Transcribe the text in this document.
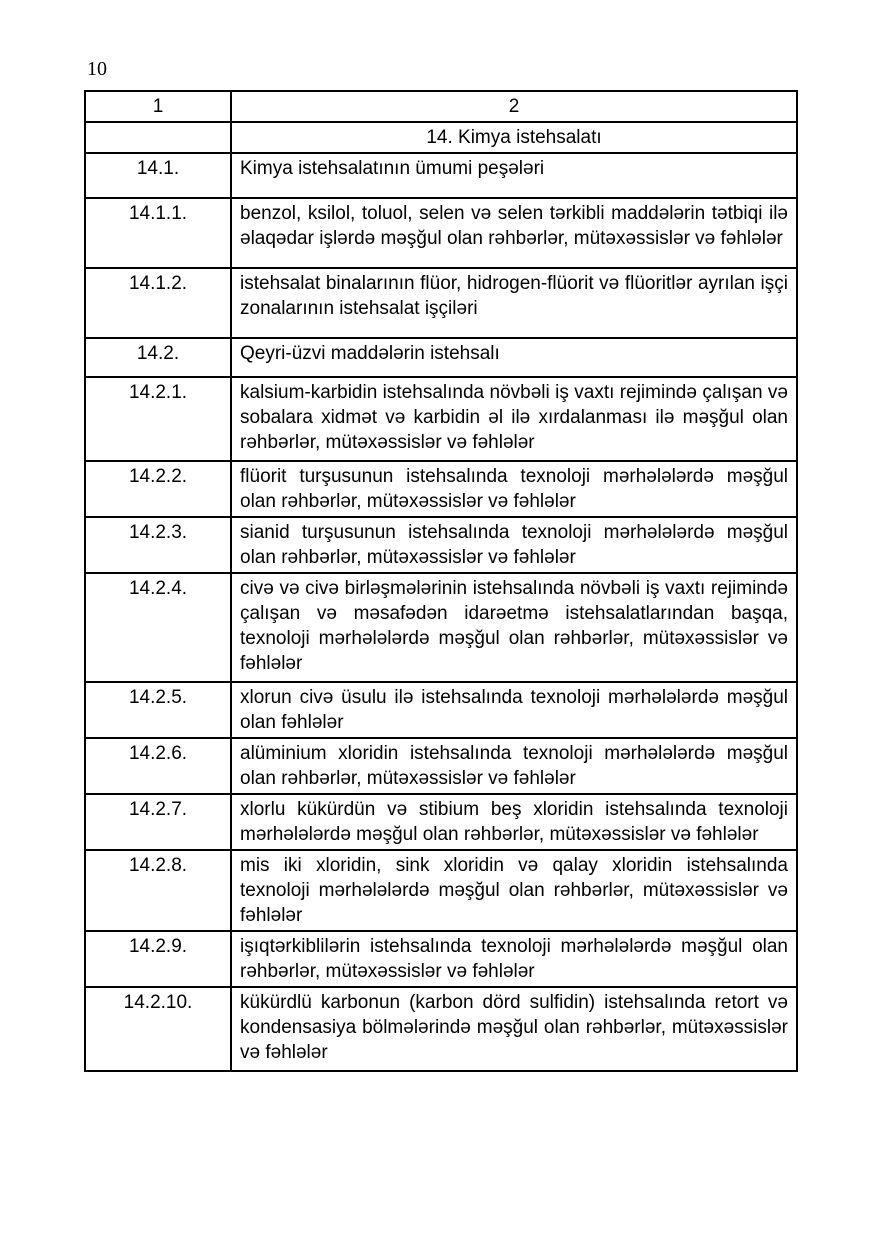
10
1	2
	14. Kimya istehsalatı
14.1.	Kimya istehsalatının ümumi peşələri
14.1.1.	benzol, ksilol, toluol, selen və selen tərkibli maddələrin tətbiqi ilə əlaqədar işlərdə məşğul olan rəhbərlər, mütəxəssislər və fəhlələr
14.1.2.	istehsalat binalarının flüor, hidrogen-flüorit və flüoritlər ayrılan işçi zonalarının istehsalat işçiləri
14.2.	Qeyri-üzvi maddələrin istehsalı
14.2.1.	kalsium-karbidin istehsalında növbəli iş vaxtı rejimində çalışan və sobalara xidmət və karbidin əl ilə xırdalanması ilə məşğul olan rəhbərlər, mütəxəssislər və fəhlələr
14.2.2.	flüorit turşusunun istehsalında texnoloji mərhələlərdə məşğul olan rəhbərlər, mütəxəssislər və fəhlələr
14.2.3.	sianid turşusunun istehsalında texnoloji mərhələlərdə məşğul olan rəhbərlər, mütəxəssislər və fəhlələr
14.2.4.	civə və civə birləşmələrinin istehsalında növbəli iş vaxtı rejimində çalışan və məsafədən idarəetmə istehsalatlarından başqa, texnoloji mərhələlərdə məşğul olan rəhbərlər, mütəxəssislər və fəhlələr
14.2.5.	xlorun civə üsulu ilə istehsalında texnoloji mərhələlərdə məşğul olan fəhlələr
14.2.6.	alüminium xloridin istehsalında texnoloji mərhələlərdə məşğul olan rəhbərlər, mütəxəssislər və fəhlələr
14.2.7.	xlorlu kükürdün və stibium beş xloridin istehsalında texnoloji mərhələlərdə məşğul olan rəhbərlər, mütəxəssislər və fəhlələr
14.2.8.	mis iki xloridin, sink xloridin və qalay xloridin istehsalında texnoloji mərhələlərdə məşğul olan rəhbərlər, mütəxəssislər və fəhlələr
14.2.9.	işıqtərkiblilərin istehsalında texnoloji mərhələlərdə məşğul olan rəhbərlər, mütəxəssislər və fəhlələr
14.2.10.	kükürdlü karbonun (karbon dörd sulfidin) istehsalında retort və kondensasiya bölmələrində məşğul olan rəhbərlər, mütəxəssislər və fəhlələr
